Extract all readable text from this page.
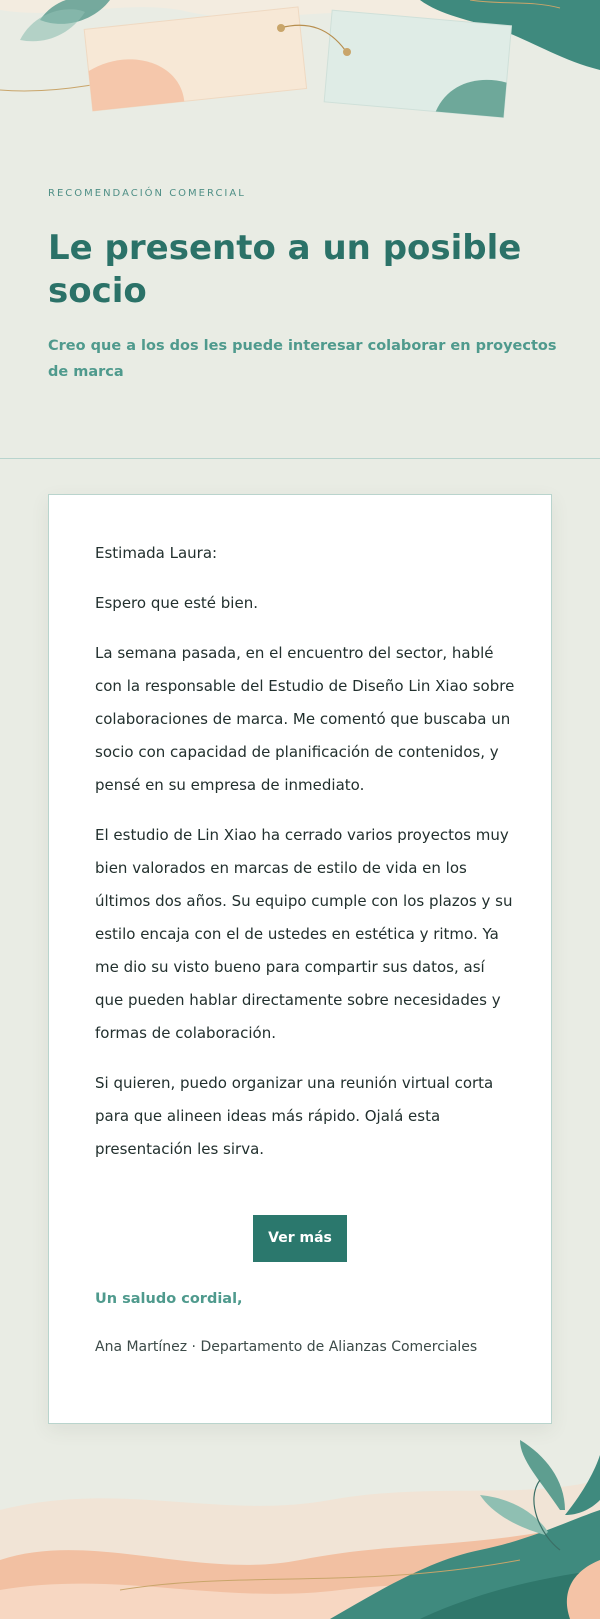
RECOMENDACIÓN COMERCIAL
Le presento a un posible socio

Creo que a los dos les puede interesar colaborar en proyectos de marca

Estimada Laura:

Espero que esté bien.

La semana pasada, en el encuentro del sector, hablé con la responsable del Estudio de Diseño Lin Xiao sobre colaboraciones de marca. Me comentó que buscaba un socio con capacidad de planificación de contenidos, y pensé en su empresa de inmediato.

El estudio de Lin Xiao ha cerrado varios proyectos muy bien valorados en marcas de estilo de vida en los últimos dos años. Su equipo cumple con los plazos y su estilo encaja con el de ustedes en estética y ritmo. Ya me dio su visto bueno para compartir sus datos, así que pueden hablar directamente sobre necesidades y formas de colaboración.

Si quieren, puedo organizar una reunión virtual corta para que alineen ideas más rápido. Ojalá esta presentación les sirva.

Ver más
Un saludo cordial,
Ana Martínez · Departamento de Alianzas Comerciales
